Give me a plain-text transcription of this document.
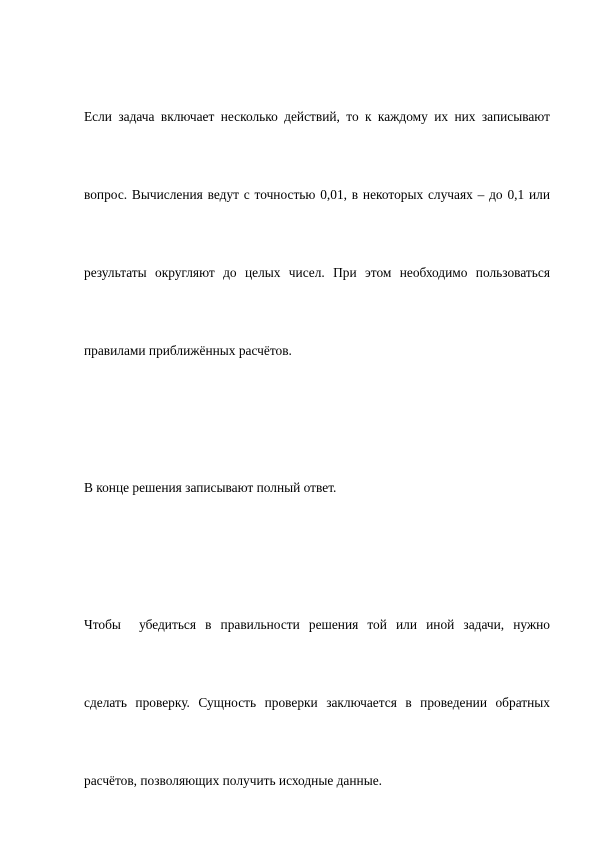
Если задача включает несколько действий, то к каждому их них записывают

вопрос. Вычисления ведут с точностью 0,01, в некоторых случаях – до 0,1 или

результаты округляют до целых чисел. При этом необходимо пользоваться

правилами приближённых расчётов.

В конце решения записывают полный ответ.

Чтобы  убедиться в правильности решения той или иной задачи, нужно

сделать проверку. Сущность проверки заключается в проведении обратных

расчётов, позволяющих получить исходные данные.
